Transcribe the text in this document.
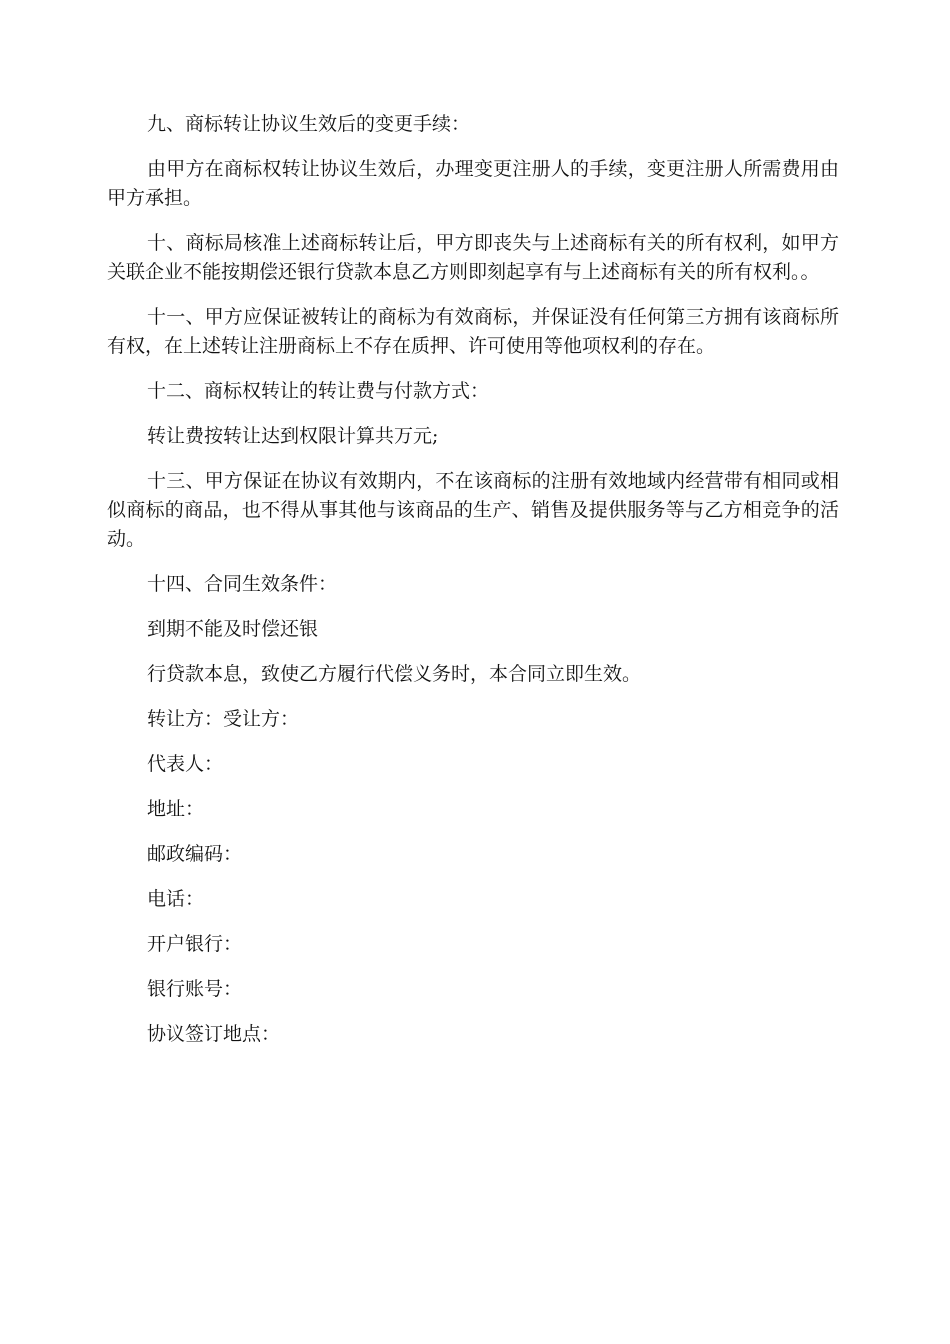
九、商标转让协议生效后的变更手续：

由甲方在商标权转让协议生效后，办理变更注册人的手续，变更注册人所需费用由甲方承担。

十、商标局核准上述商标转让后，甲方即丧失与上述商标有关的所有权利，如甲方关联企业不能按期偿还银行贷款本息乙方则即刻起享有与上述商标有关的所有权利。。

十一、甲方应保证被转让的商标为有效商标，并保证没有任何第三方拥有该商标所有权，在上述转让注册商标上不存在质押、许可使用等他项权利的存在。

十二、商标权转让的转让费与付款方式：

转让费按转让达到权限计算共万元;

十三、甲方保证在协议有效期内，不在该商标的注册有效地域内经营带有相同或相似商标的商品，也不得从事其他与该商品的生产、销售及提供服务等与乙方相竞争的活动。

十四、合同生效条件：

到期不能及时偿还银

行贷款本息，致使乙方履行代偿义务时，本合同立即生效。

转让方：受让方：

代表人：

地址：

邮政编码：

电话：

开户银行：

银行账号：

协议签订地点：
